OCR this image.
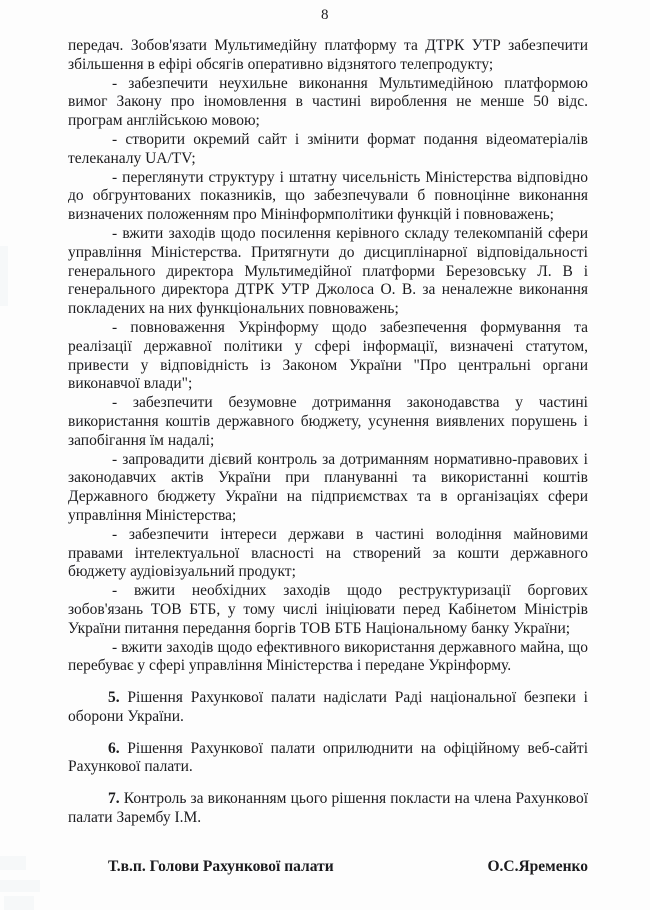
8

передач. Зобов'язати Мультимедійну платформу та ДТРК УТР забезпечити збільшення в ефірі обсягів оперативно відзнятого телепродукту;

- забезпечити неухильне виконання Мультимедійною платформою вимог Закону про іномовлення в частині вироблення не менше 50 відс. програм англійською мовою;

- створити окремий сайт і змінити формат подання відеоматеріалів телеканалу UA/TV;

- переглянути структуру і штатну чисельність Міністерства відповідно до обгрунтованих показників, що забезпечували б повноцінне виконання визначених положенням про Мінінформполітики функцій і повноважень;

- вжити заходів щодо посилення керівного складу телекомпаній сфери управління Міністерства. Притягнути до дисциплінарної відповідальності генерального директора Мультимедійної платформи Березовську Л. В і генерального директора ДТРК УТР Джолоса О. В. за неналежне виконання покладених на них функціональних повноважень;

- повноваження Укрінформу щодо забезпечення формування та реалізації державної політики у сфері інформації, визначені статутом, привести у відповідність із Законом України "Про центральні органи виконавчої влади";

- забезпечити безумовне дотримання законодавства у частині використання коштів державного бюджету, усунення виявлених порушень і запобігання їм надалі;

- запровадити дієвий контроль за дотриманням нормативно-правових і законодавчих актів України при плануванні та використанні коштів Державного бюджету України на підприємствах та в організаціях сфери управління Міністерства;

- забезпечити інтереси держави в частині володіння майновими правами інтелектуальної власності на створений за кошти державного бюджету аудіовізуальний продукт;

- вжити необхідних заходів щодо реструктуризації боргових зобов'язань ТОВ БТБ, у тому числі ініціювати перед Кабінетом Міністрів України питання передання боргів ТОВ БТБ Національному банку України;

- вжити заходів щодо ефективного використання державного майна, що перебуває у сфері управління Міністерства і передане Укрінформу.

5. Рішення Рахункової палати надіслати Раді національної безпеки і оборони України.

6. Рішення Рахункової палати оприлюднити на офіційному веб-сайті Рахункової палати.

7. Контроль за виконанням цього рішення покласти на члена Рахункової палати Зарембу І.М.

Т.в.п. Голови Рахункової палати	О.С.Яременко
